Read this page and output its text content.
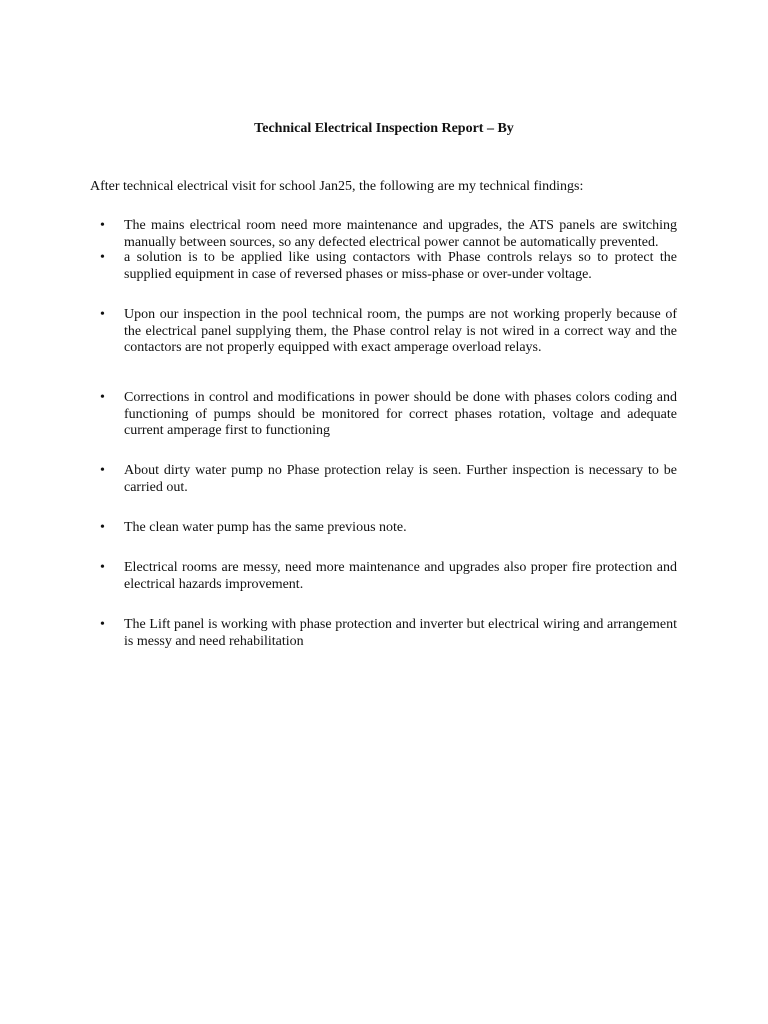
Technical Electrical Inspection Report – By
After technical electrical visit for school Jan25, the following are my technical findings:
• The mains electrical room need more maintenance and upgrades, the ATS panels are switching manually between sources, so any defected electrical power cannot be automatically prevented.
• a solution is to be applied like using contactors with Phase controls relays so to protect the supplied equipment in case of reversed phases or miss-phase or over-under voltage.
• Upon our inspection in the pool technical room, the pumps are not working properly because of the electrical panel supplying them, the Phase control relay is not wired in a correct way and the contactors are not properly equipped with exact amperage overload relays.
• Corrections in control and modifications in power should be done with phases colors coding and functioning of pumps should be monitored for correct phases rotation, voltage and adequate current amperage first to functioning
• About dirty water pump no Phase protection relay is seen. Further inspection is necessary to be carried out.
• The clean water pump has the same previous note.
• Electrical rooms are messy, need more maintenance and upgrades also proper fire protection and electrical hazards improvement.
• The Lift panel is working with phase protection and inverter but electrical wiring and arrangement is messy and need rehabilitation
